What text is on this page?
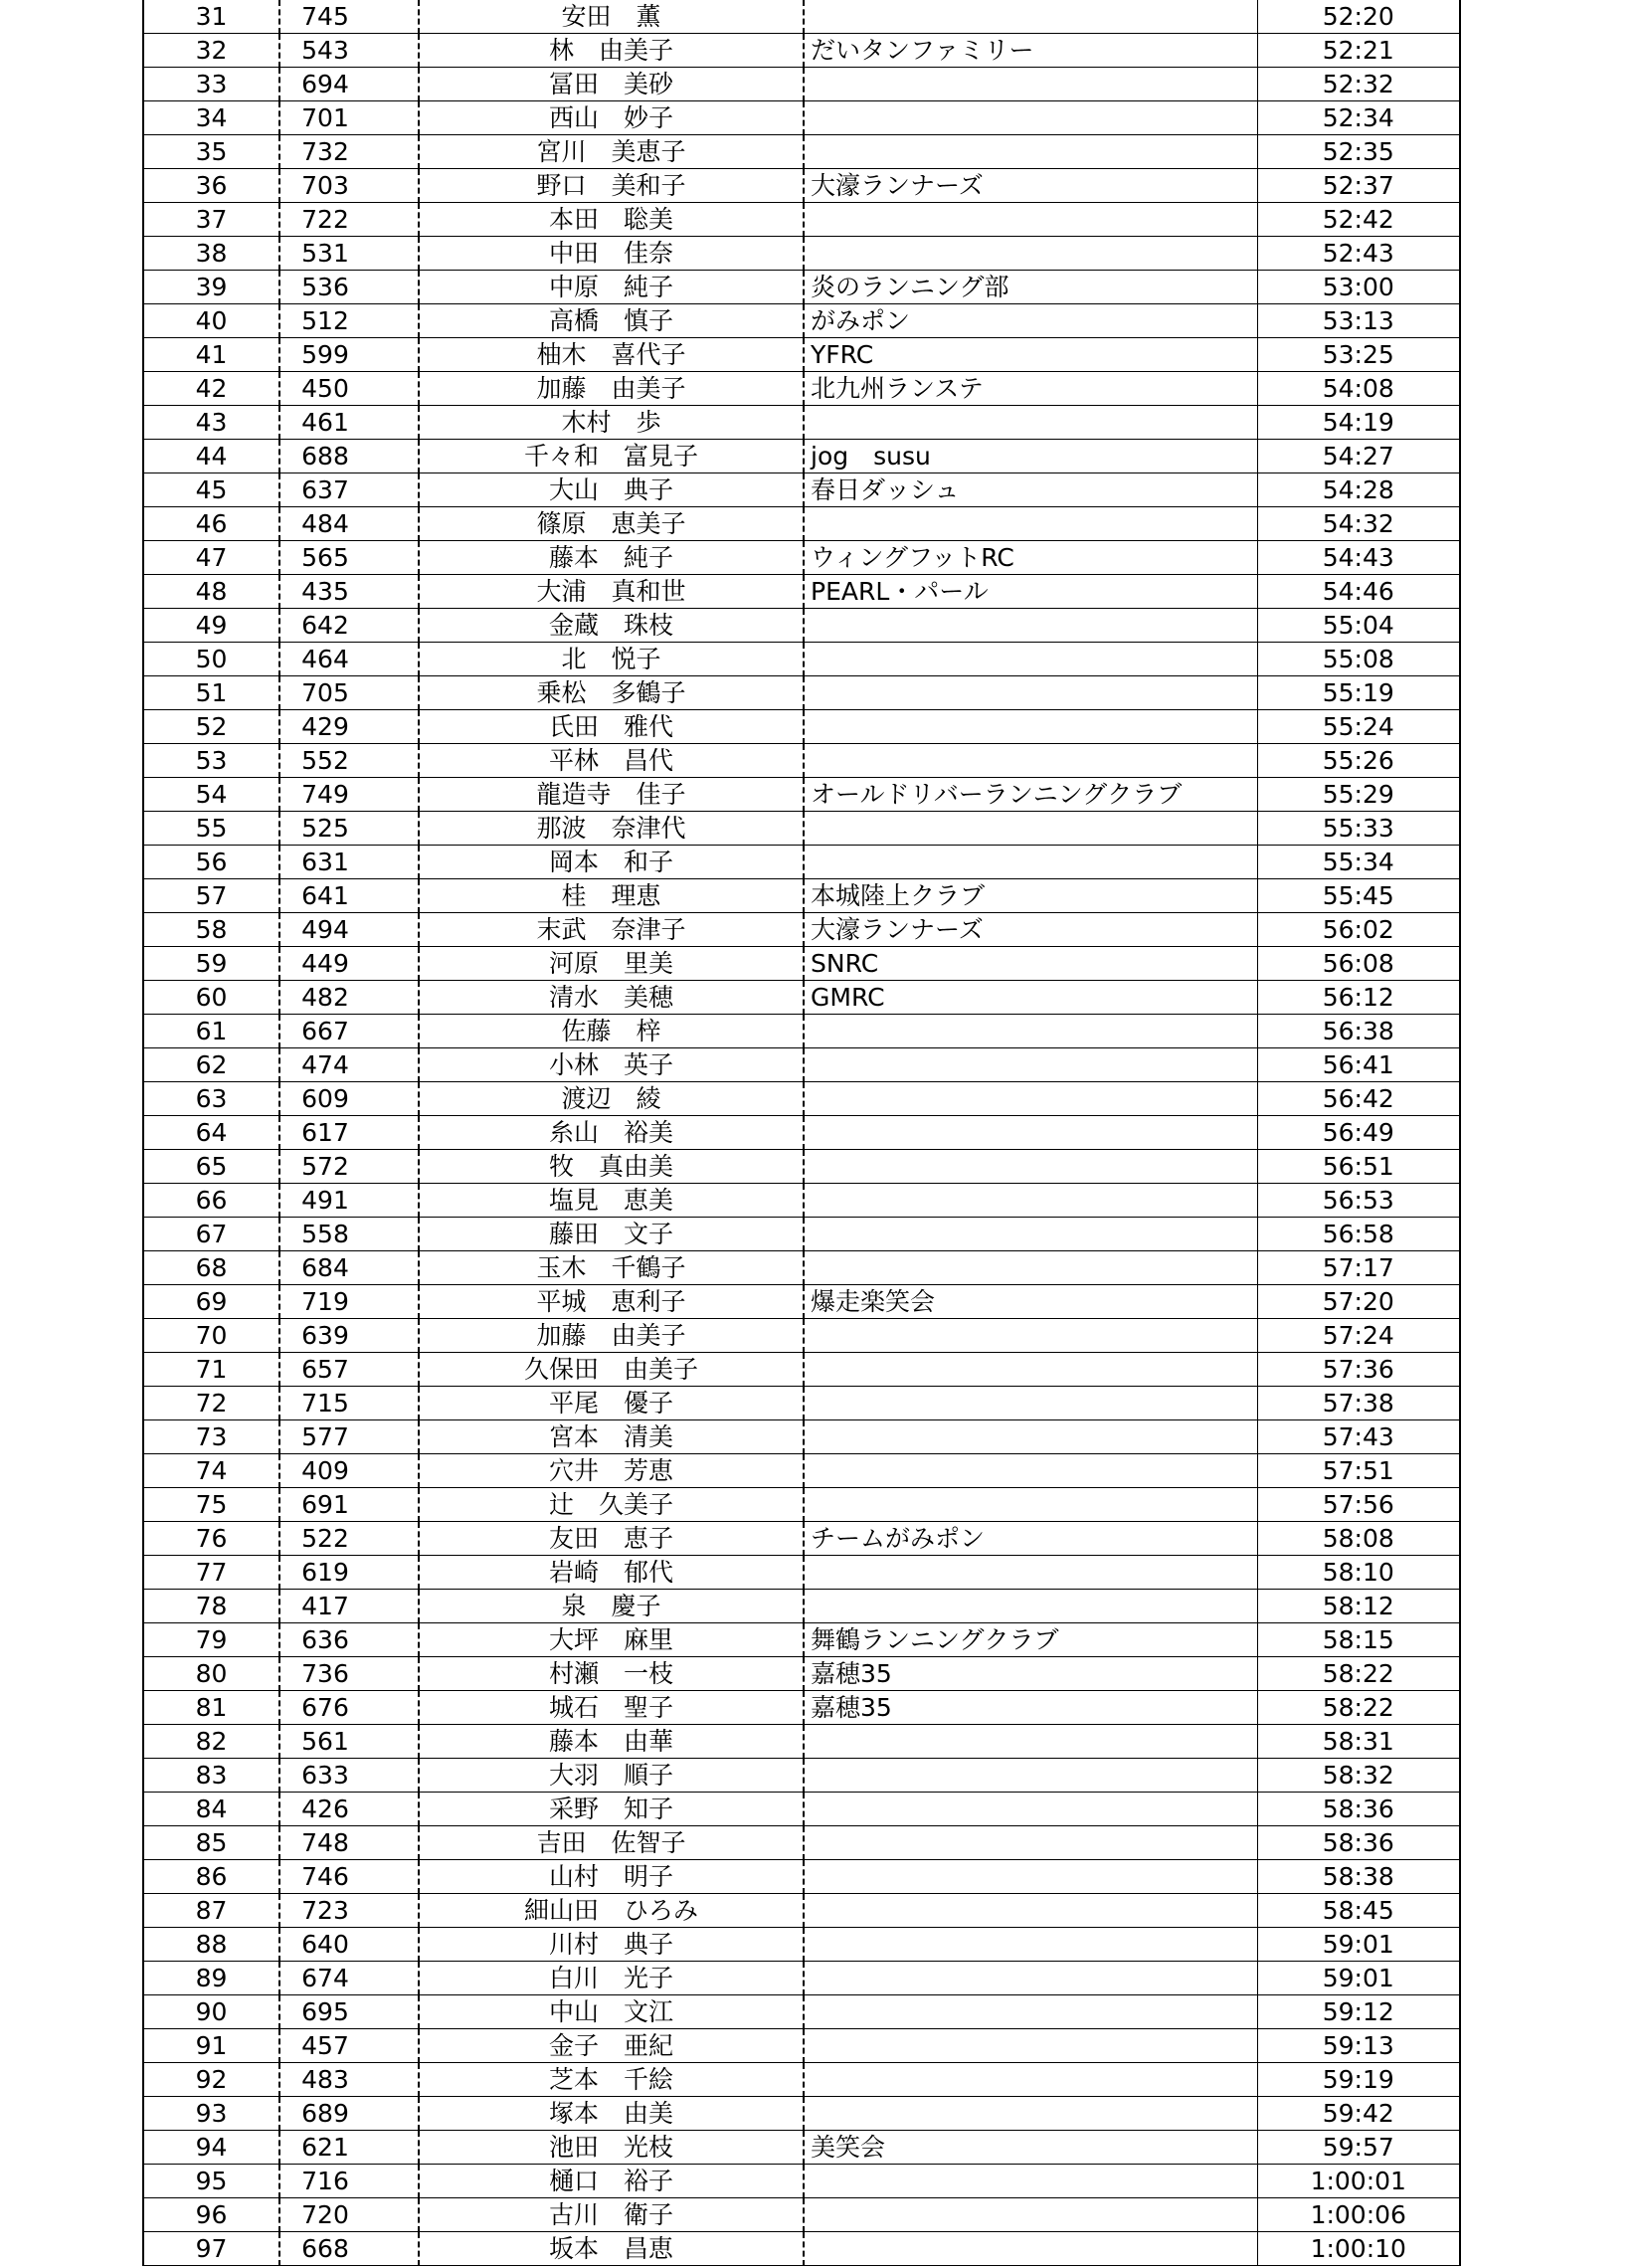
31	745	安田　薫		52:20
32	543	林　由美子	だいタンファミリー	52:21
33	694	冨田　美砂		52:32
34	701	西山　妙子		52:34
35	732	宮川　美恵子		52:35
36	703	野口　美和子	大濠ランナーズ	52:37
37	722	本田　聡美		52:42
38	531	中田　佳奈		52:43
39	536	中原　純子	炎のランニング部	53:00
40	512	高橋　慎子	がみポン	53:13
41	599	柚木　喜代子	YFRC	53:25
42	450	加藤　由美子	北九州ランステ	54:08
43	461	木村　歩		54:19
44	688	千々和　富見子	jog　susu	54:27
45	637	大山　典子	春日ダッシュ	54:28
46	484	篠原　恵美子		54:32
47	565	藤本　純子	ウィングフットRC	54:43
48	435	大浦　真和世	PEARL・パール	54:46
49	642	金蔵　珠枝		55:04
50	464	北　悦子		55:08
51	705	乗松　多鶴子		55:19
52	429	氏田　雅代		55:24
53	552	平林　昌代		55:26
54	749	龍造寺　佳子	オールドリバーランニングクラブ	55:29
55	525	那波　奈津代		55:33
56	631	岡本　和子		55:34
57	641	桂　理恵	本城陸上クラブ	55:45
58	494	末武　奈津子	大濠ランナーズ	56:02
59	449	河原　里美	SNRC	56:08
60	482	清水　美穂	GMRC	56:12
61	667	佐藤　梓		56:38
62	474	小林　英子		56:41
63	609	渡辺　綾		56:42
64	617	糸山　裕美		56:49
65	572	牧　真由美		56:51
66	491	塩見　恵美		56:53
67	558	藤田　文子		56:58
68	684	玉木　千鶴子		57:17
69	719	平城　恵利子	爆走楽笑会	57:20
70	639	加藤　由美子		57:24
71	657	久保田　由美子		57:36
72	715	平尾　優子		57:38
73	577	宮本　清美		57:43
74	409	穴井　芳恵		57:51
75	691	辻　久美子		57:56
76	522	友田　恵子	チームがみポン	58:08
77	619	岩崎　郁代		58:10
78	417	泉　慶子		58:12
79	636	大坪　麻里	舞鶴ランニングクラブ	58:15
80	736	村瀬　一枝	嘉穂35	58:22
81	676	城石　聖子	嘉穂35	58:22
82	561	藤本　由華		58:31
83	633	大羽　順子		58:32
84	426	采野　知子		58:36
85	748	吉田　佐智子		58:36
86	746	山村　明子		58:38
87	723	細山田　ひろみ		58:45
88	640	川村　典子		59:01
89	674	白川　光子		59:01
90	695	中山　文江		59:12
91	457	金子　亜紀		59:13
92	483	芝本　千絵		59:19
93	689	塚本　由美		59:42
94	621	池田　光枝	美笑会	59:57
95	716	樋口　裕子		1:00:01
96	720	古川　衛子		1:00:06
97	668	坂本　昌恵		1:00:10
